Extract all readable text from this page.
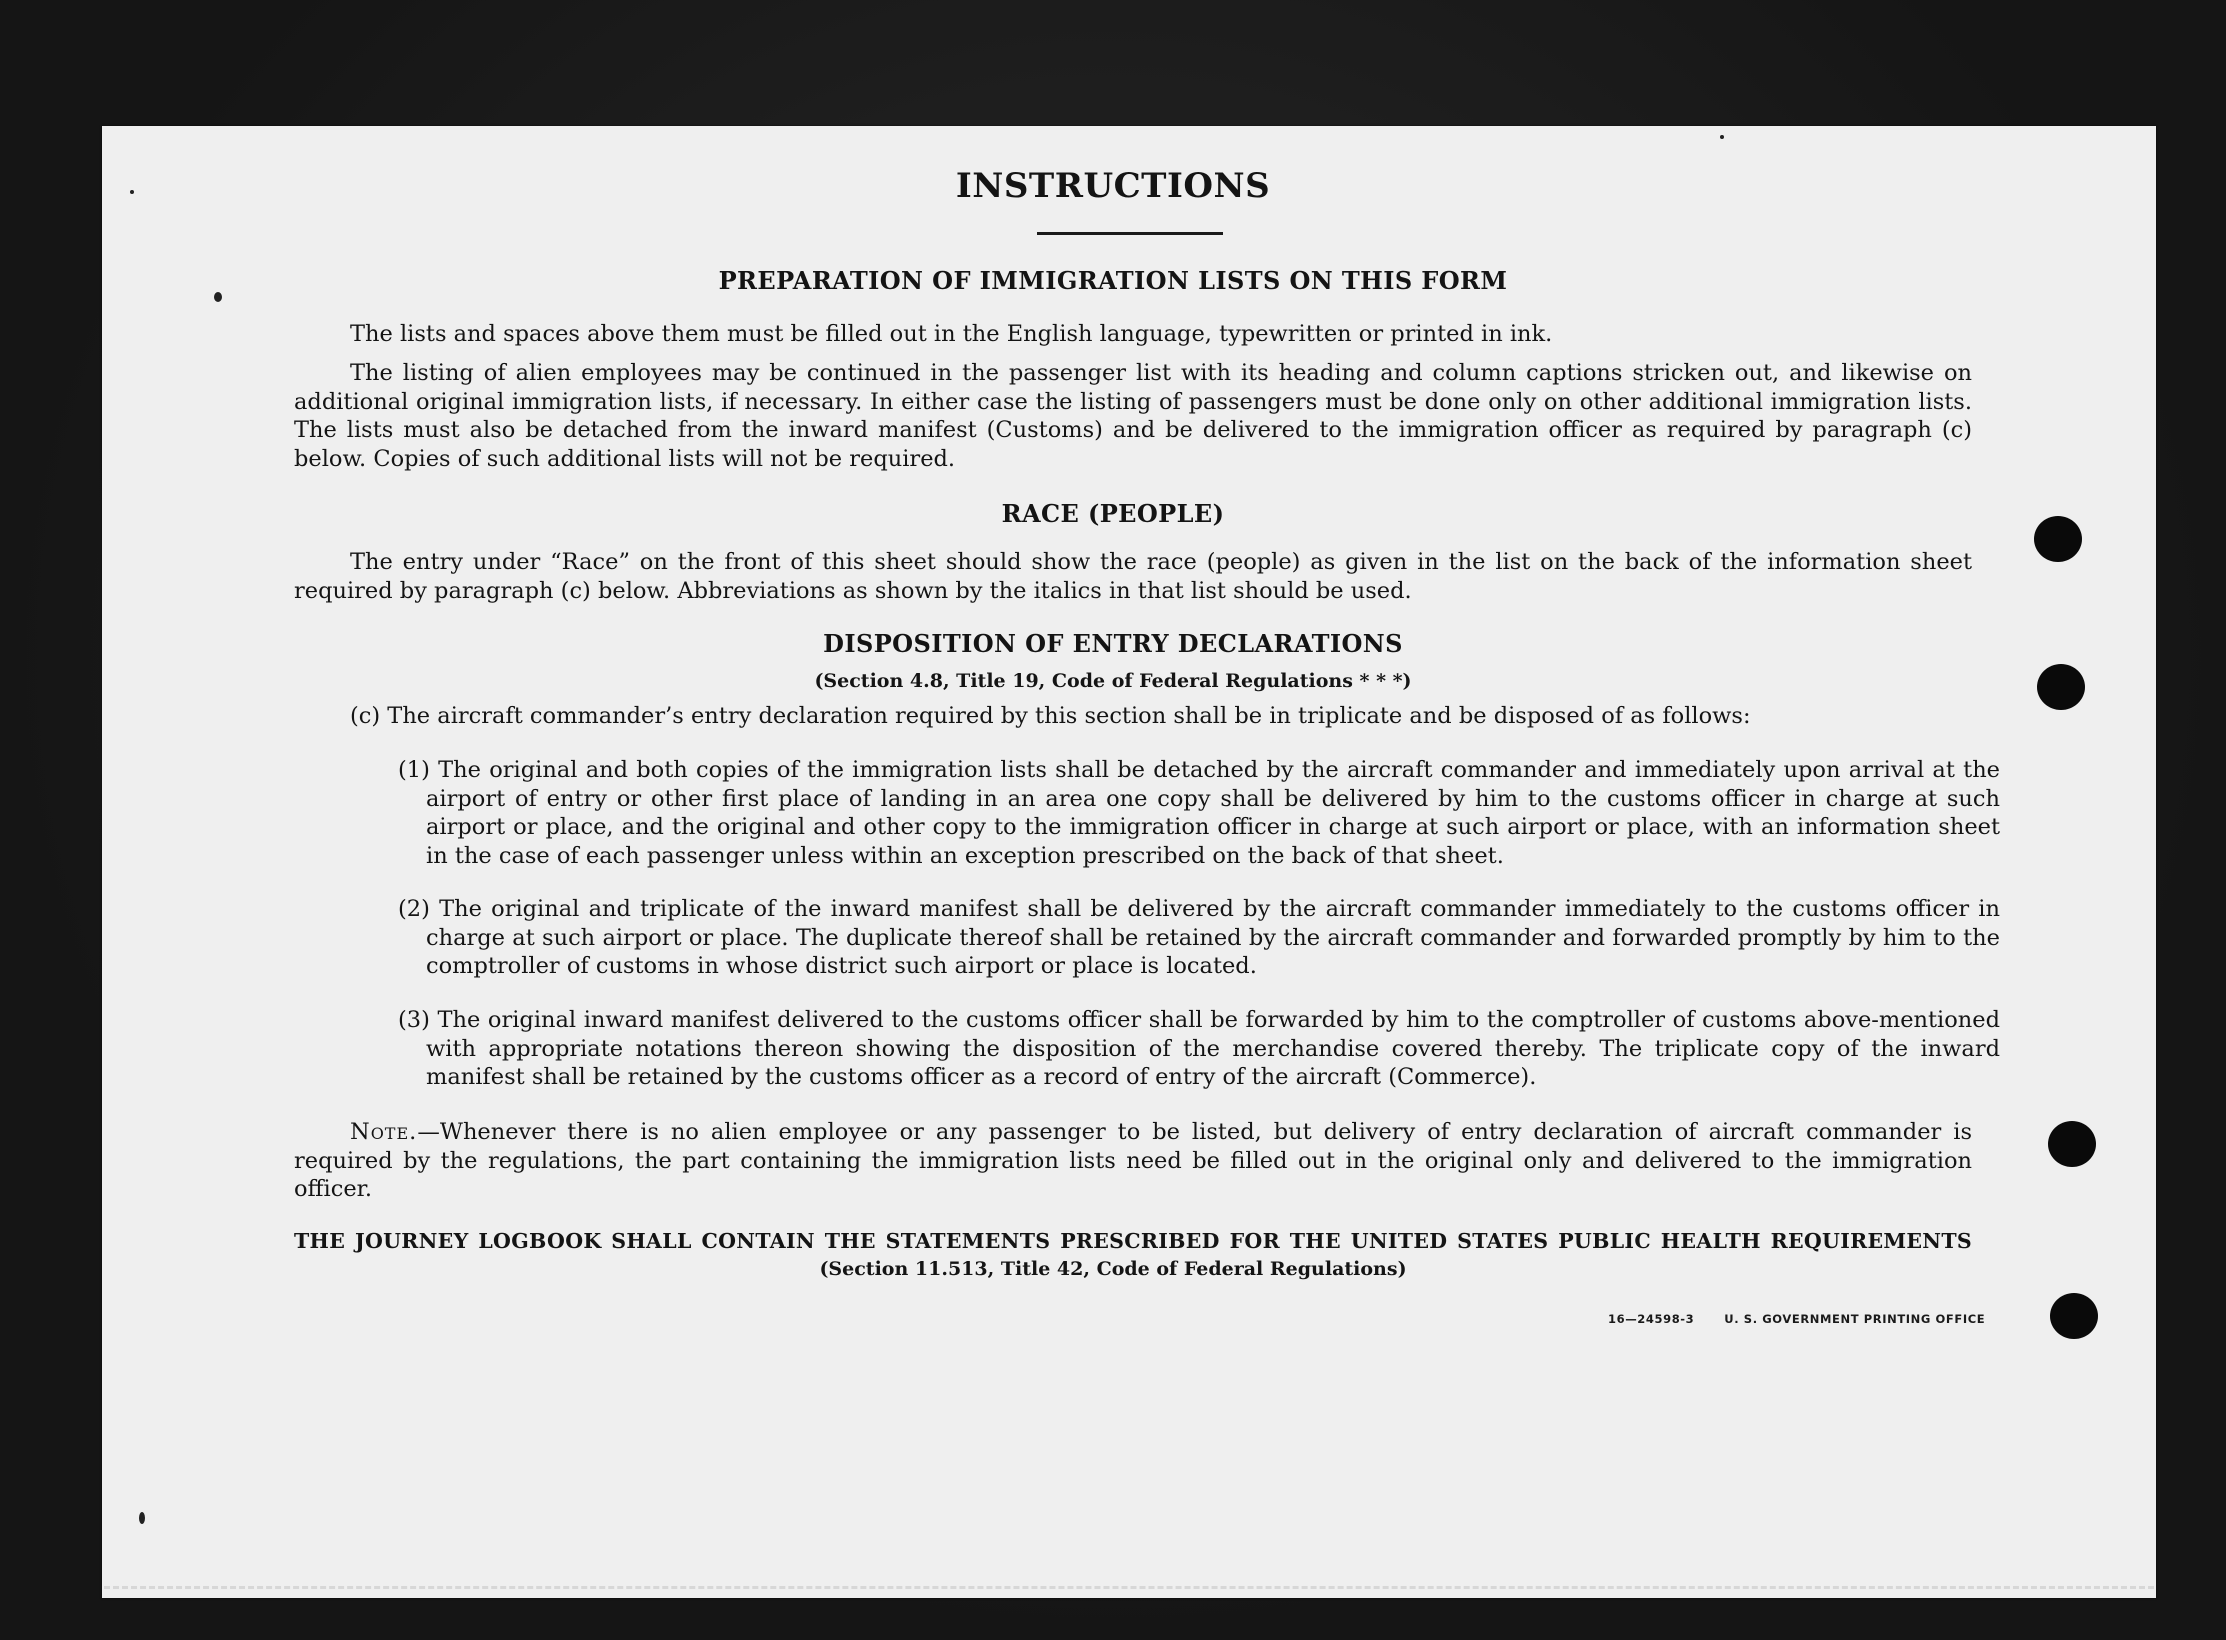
INSTRUCTIONS
PREPARATION OF IMMIGRATION LISTS ON THIS FORM
The lists and spaces above them must be filled out in the English language, typewritten or printed in ink.
The listing of alien employees may be continued in the passenger list with its heading and column captions stricken out, and likewise on additional original immigration lists, if necessary. In either case the listing of passengers must be done only on other additional immigration lists. The lists must also be detached from the inward manifest (Customs) and be delivered to the immigration officer as required by paragraph (c) below. Copies of such additional lists will not be required.
RACE (PEOPLE)
The entry under “Race” on the front of this sheet should show the race (people) as given in the list on the back of the information sheet required by paragraph (c) below. Abbreviations as shown by the italics in that list should be used.
DISPOSITION OF ENTRY DECLARATIONS
(Section 4.8, Title 19, Code of Federal Regulations * * *)
(c) The aircraft commander’s entry declaration required by this section shall be in triplicate and be disposed of as follows:
(1) The original and both copies of the immigration lists shall be detached by the aircraft commander and immediately upon arrival at the airport of entry or other first place of landing in an area one copy shall be delivered by him to the customs officer in charge at such airport or place, and the original and other copy to the immigration officer in charge at such airport or place, with an information sheet in the case of each passenger unless within an exception prescribed on the back of that sheet.
(2) The original and triplicate of the inward manifest shall be delivered by the aircraft commander immediately to the customs officer in charge at such airport or place. The duplicate thereof shall be retained by the aircraft commander and forwarded promptly by him to the comptroller of customs in whose district such airport or place is located.
(3) The original inward manifest delivered to the customs officer shall be forwarded by him to the comptroller of customs above-mentioned with appropriate notations thereon showing the disposition of the merchandise covered thereby. The triplicate copy of the inward manifest shall be retained by the customs officer as a record of entry of the aircraft (Commerce).
Note.—Whenever there is no alien employee or any passenger to be listed, but delivery of entry declaration of aircraft commander is required by the regulations, the part containing the immigration lists need be filled out in the original only and delivered to the immigration officer.
THE JOURNEY LOGBOOK SHALL CONTAIN THE STATEMENTS PRESCRIBED FOR THE UNITED STATES PUBLIC HEALTH REQUIREMENTS
(Section 11.513, Title 42, Code of Federal Regulations)
16—24598-3	U. S. GOVERNMENT PRINTING OFFICE
